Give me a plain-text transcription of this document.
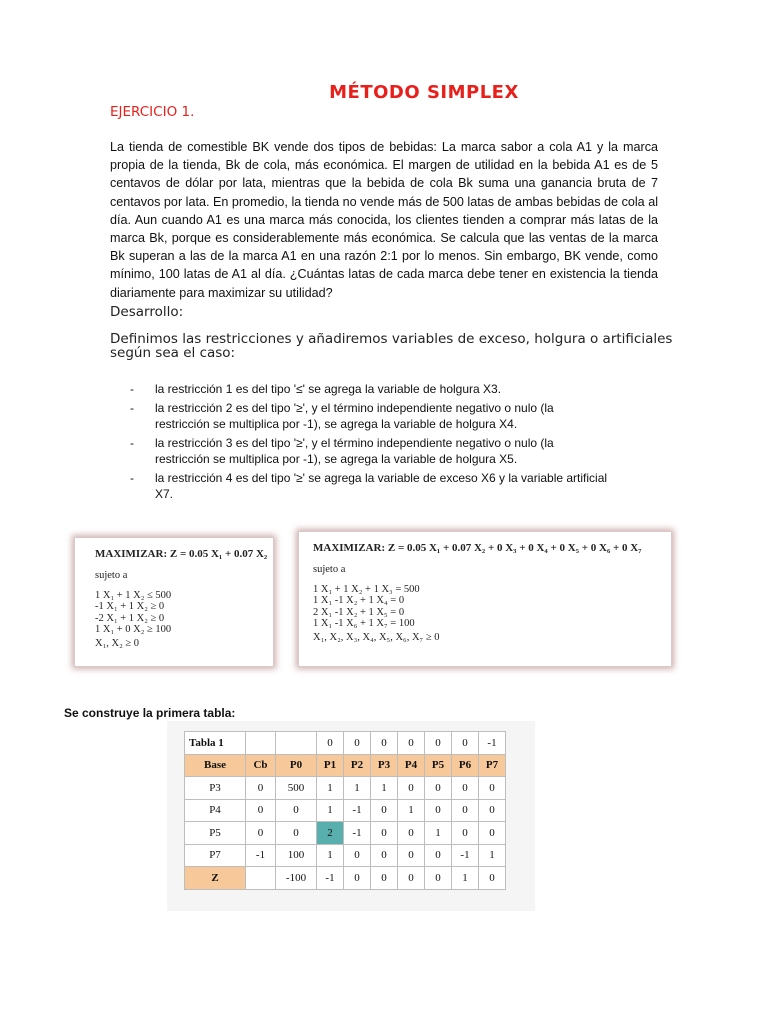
MÉTODO SIMPLEX
EJERCICIO 1.
La tienda de comestible BK vende dos tipos de bebidas: La marca sabor a cola A1 y la marca propia de la tienda, Bk de cola, más económica. El margen de utilidad en la bebida A1 es de 5 centavos de dólar por lata, mientras que la bebida de cola Bk suma una ganancia bruta de 7 centavos por lata. En promedio, la tienda no vende más de 500 latas de ambas bebidas de cola al día. Aun cuando A1 es una marca más conocida, los clientes tienden a comprar más latas de la marca Bk, porque es considerablemente más económica. Se calcula que las ventas de la marca Bk superan a las de la marca A1 en una razón 2:1 por lo menos. Sin embargo, BK vende, como mínimo, 100 latas de A1 al día. ¿Cuántas latas de cada marca debe tener en existencia la tienda diariamente para maximizar su utilidad?
Desarrollo:
Definimos las restricciones y añadiremos variables de exceso, holgura o artificiales según sea el caso:
- la restricción 1 es del tipo '≤' se agrega la variable de holgura X3.
- la restricción 2 es del tipo '≥', y el término independiente negativo o nulo (la restricción se multiplica por -1), se agrega la variable de holgura X4.
- la restricción 3 es del tipo '≥', y el término independiente negativo o nulo (la restricción se multiplica por -1), se agrega la variable de holgura X5.
- la restricción 4 es del tipo '≥' se agrega la variable de exceso X6 y la variable artificial X7.
MAXIMIZAR: Z = 0.05 X₁ + 0.07 X₂
sujeto a
1 X₁ + 1 X₂ ≤ 500
-1 X₁ + 1 X₂ ≥ 0
-2 X₁ + 1 X₂ ≥ 0
1 X₁ + 0 X₂ ≥ 100
X₁, X₂ ≥ 0
MAXIMIZAR: Z = 0.05 X₁ + 0.07 X₂ + 0 X₃ + 0 X₄ + 0 X₅ + 0 X₆ + 0 X₇
sujeto a
1 X₁ + 1 X₂ + 1 X₃ = 500
1 X₁ -1 X₂ + 1 X₄ = 0
2 X₁ -1 X₂ + 1 X₅ = 0
1 X₁ -1 X₆ + 1 X₇ = 100
X₁, X₂, X₃, X₄, X₅, X₆, X₇ ≥ 0
Se construye la primera tabla:
Tabla 1			0	0	0	0	0	0	-1
Base	Cb	P0	P1	P2	P3	P4	P5	P6	P7
P3	0	500	1	1	1	0	0	0	0
P4	0	0	1	-1	0	1	0	0	0
P5	0	0	2	-1	0	0	1	0	0
P7	-1	100	1	0	0	0	0	-1	1
Z		-100	-1	0	0	0	0	1	0
